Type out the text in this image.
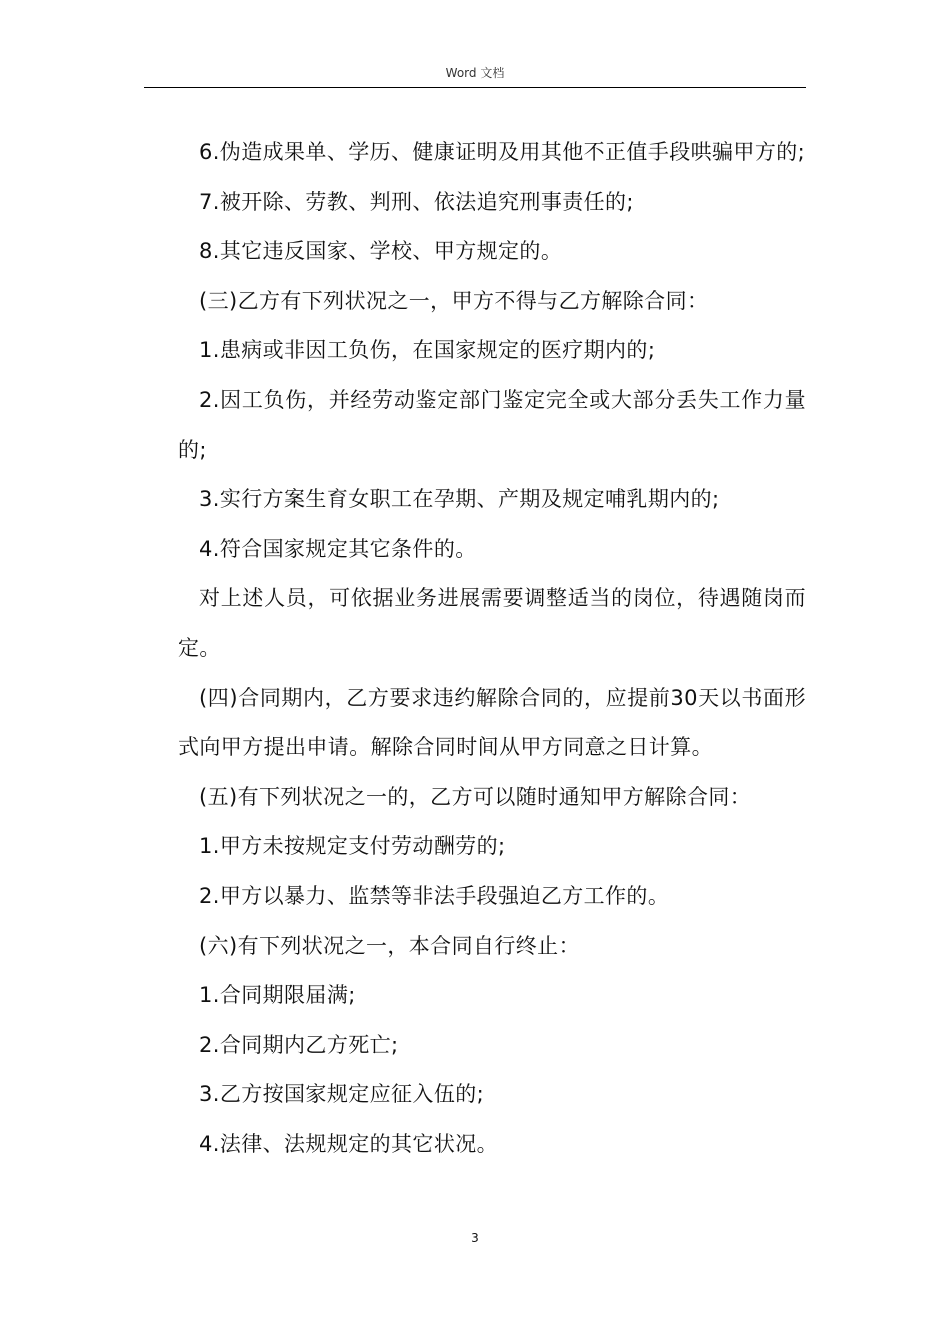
Word 文档

6.伪造成果单、学历、健康证明及用其他不正值手段哄骗甲方的;

7.被开除、劳教、判刑、依法追究刑事责任的;

8.其它违反国家、学校、甲方规定的。

(三)乙方有下列状况之一，甲方不得与乙方解除合同：

1.患病或非因工负伤，在国家规定的医疗期内的;

2.因工负伤，并经劳动鉴定部门鉴定完全或大部分丢失工作力量的;

3.实行方案生育女职工在孕期、产期及规定哺乳期内的;

4.符合国家规定其它条件的。

对上述人员，可依据业务进展需要调整适当的岗位，待遇随岗而定。

(四)合同期内，乙方要求违约解除合同的，应提前30天以书面形式向甲方提出申请。解除合同时间从甲方同意之日计算。

(五)有下列状况之一的，乙方可以随时通知甲方解除合同：

1.甲方未按规定支付劳动酬劳的;

2.甲方以暴力、监禁等非法手段强迫乙方工作的。

(六)有下列状况之一，本合同自行终止：

1.合同期限届满;

2.合同期内乙方死亡;

3.乙方按国家规定应征入伍的;

4.法律、法规规定的其它状况。

3
